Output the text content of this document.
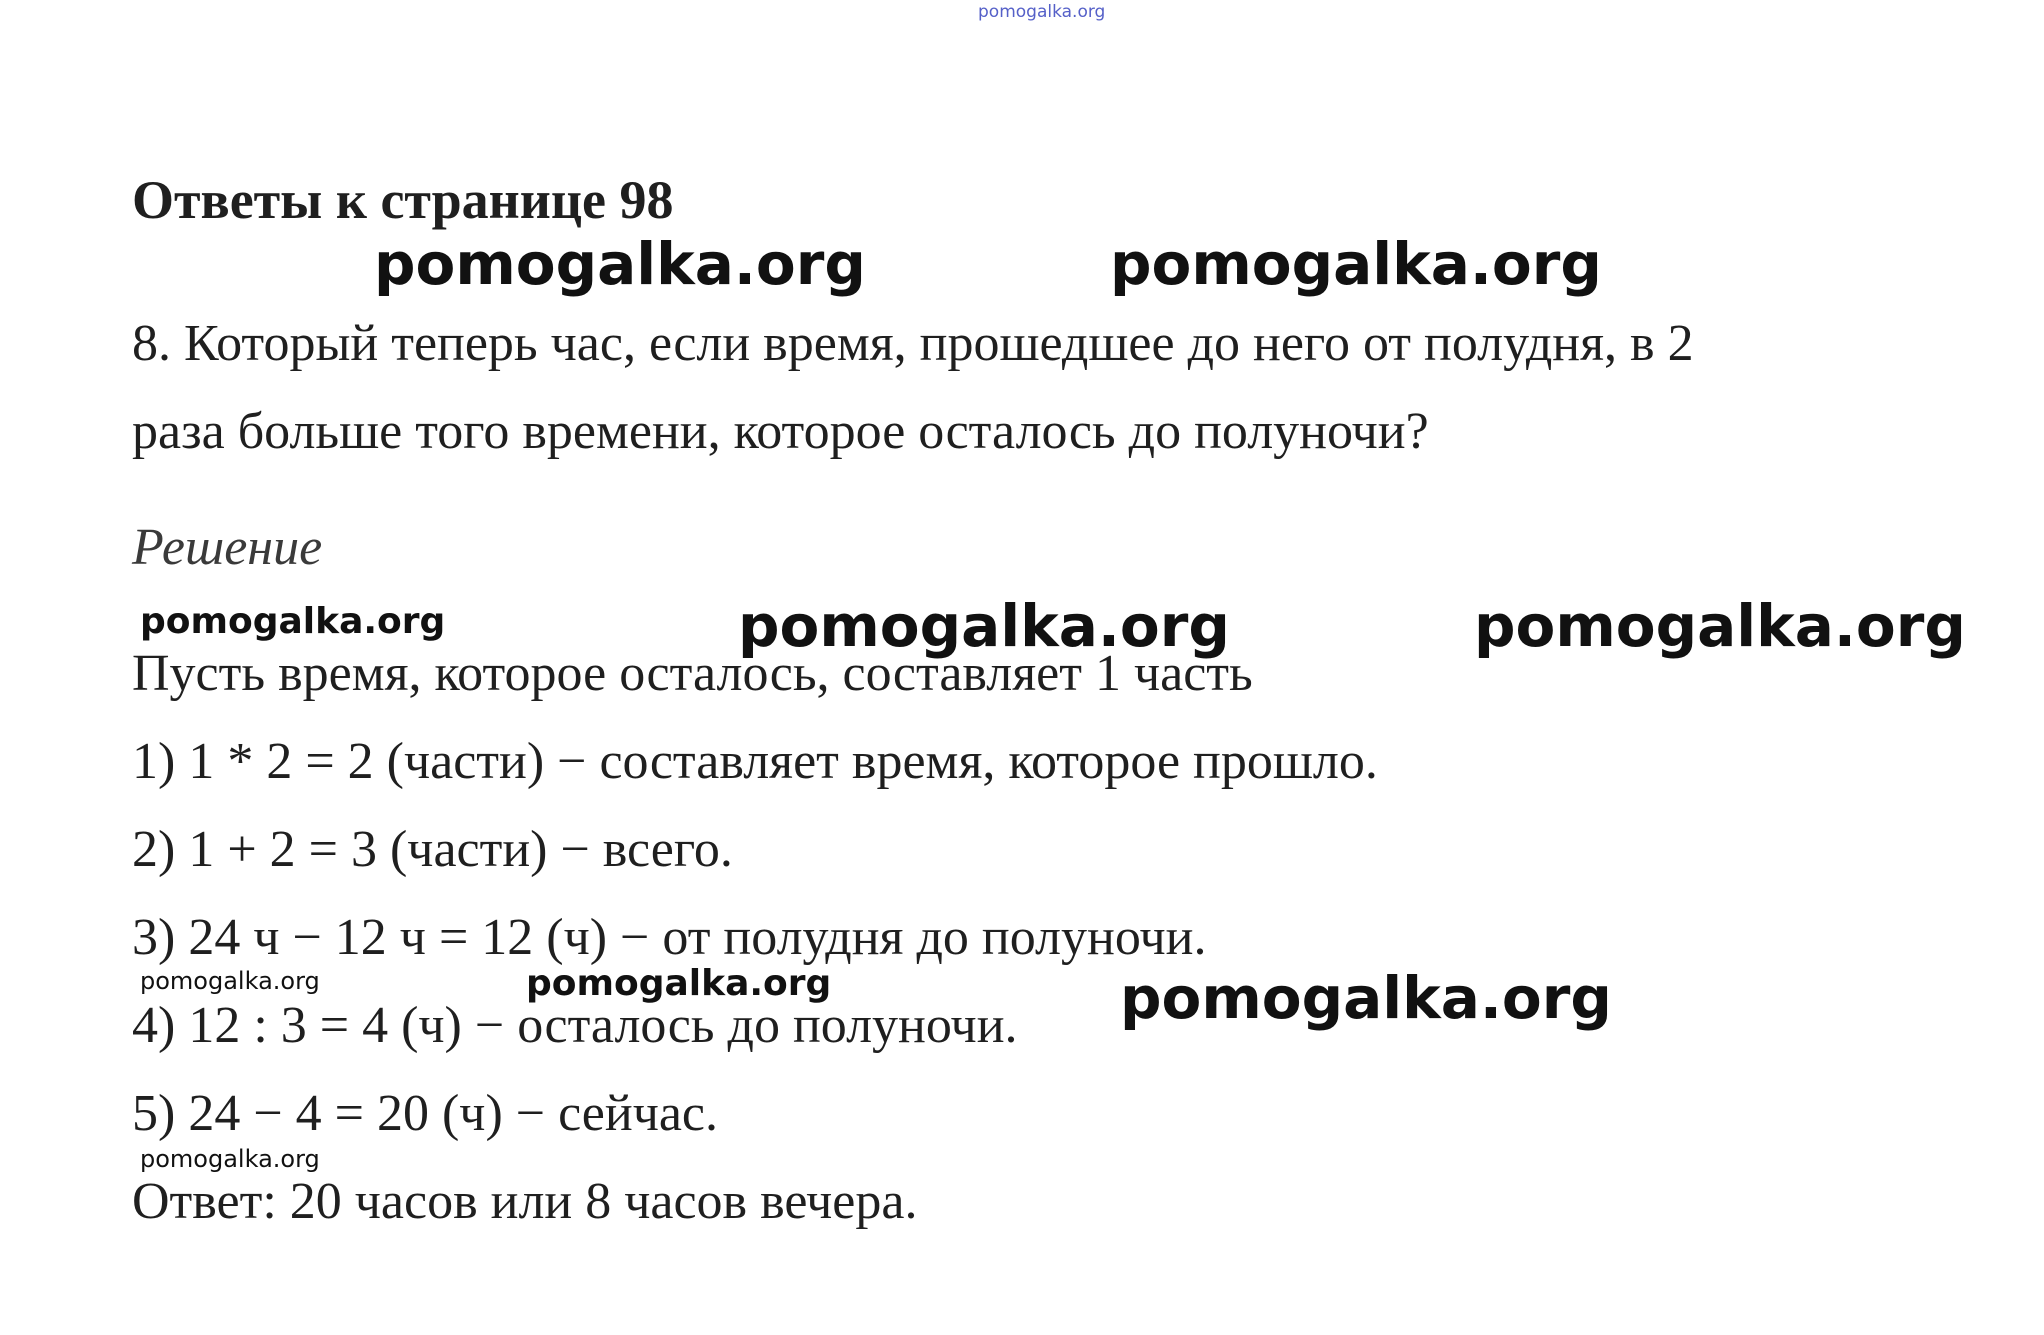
pomogalka.org
Ответы к странице 98
pomogalka.org	pomogalka.org

8. Который теперь час, если время, прошедшее до него от полудня, в 2

раза больше того времени, которое осталось до полуночи?

Решение

Пусть время, которое осталось, составляет 1 часть

pomogalka.org	pomogalka.org	pomogalka.org

1) 1 * 2 = 2 (части) − составляет время, которое прошло.

2) 1 + 2 = 3 (части) − всего.

3) 24 ч − 12 ч = 12 (ч) − от полудня до полуночи.

4) 12 : 3 = 4 (ч) − осталось до полуночи.

pomogalka.org	pomogalka.org	pomogalka.org

5) 24 − 4 = 20 (ч) − сейчас.

pomogalka.org

Ответ: 20 часов или 8 часов вечера.
